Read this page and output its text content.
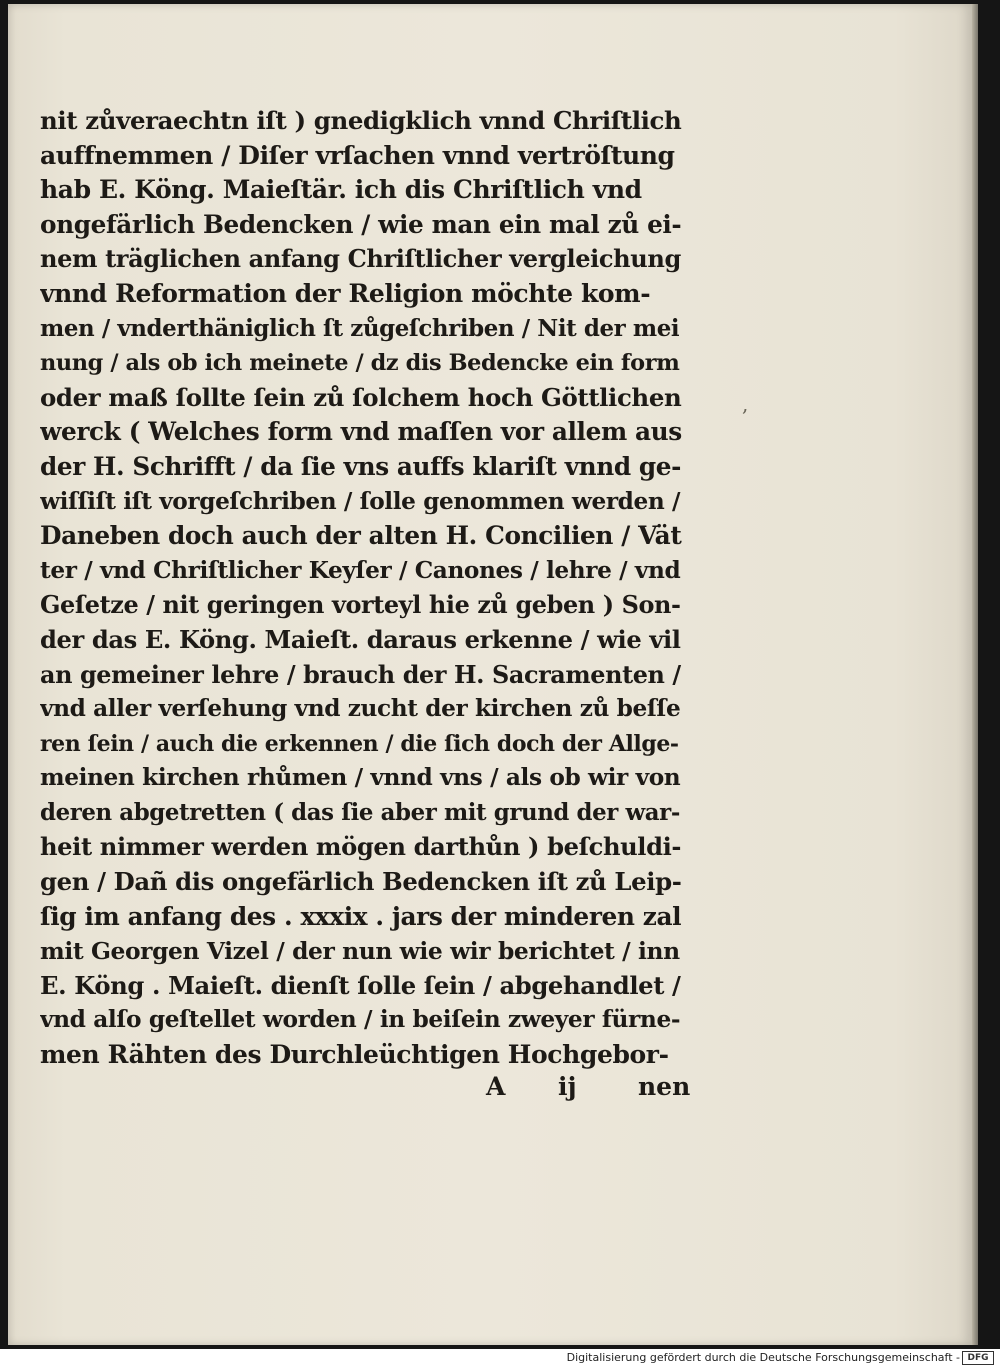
nit zůveraechtn iſt ) gnedigklich vnnd Chriſtlich
auffnemmen / Diſer vrſachen vnnd vertröſtung
hab E. Köng. Maieſtär. ich dis Chriſtlich vnd
ongefärlich Bedencken / wie man ein mal zů ei-
nem träglichen anfang Chriſtlicher vergleichung
vnnd Reformation der Religion möchte kom-
men / vnderthäniglich ſt zůgeſchriben / Nit der mei
nung / als ob ich meinete / dz dis Bedencke ein form
oder maß ſollte ſein zů ſolchem hoch Göttlichen
werck ( Welches form vnd maſſen vor allem aus
der H. Schrifft / da ſie vns auffs klariſt vnnd ge-
wiſſiſt iſt vorgeſchriben / ſolle genommen werden /
Daneben doch auch der alten H. Concilien / Vät
ter / vnd Chriſtlicher Keyſer / Canones / lehre / vnd
Geſetze / nit geringen vorteyl hie zů geben ) Son-
der das E. Köng. Maieſt. daraus erkenne / wie vil
an gemeiner lehre / brauch der H. Sacramenten /
vnd aller verſehung vnd zucht der kirchen zů beſſe
ren ſein / auch die erkennen / die ſich doch der Allge-
meinen kirchen rhůmen / vnnd vns / als ob wir von
deren abgetretten ( das ſie aber mit grund der war-
heit nimmer werden mögen darthůn ) beſchuldi-
gen / Dañ dis ongefärlich Bedencken iſt zů Leip-
ſig im anfang des . xxxix . jars der minderen zal
mit Georgen Vizel / der nun wie wir berichtet / inn
E. Köng . Maieſt. dienſt ſolle ſein / abgehandlet /
vnd alſo geſtellet worden / in beiſein zweyer fürne-
men Rähten des Durchleüchtigen Hochgebor-
,
A ij nen
Digitalisierung gefördert durch die Deutsche Forschungsgemeinschaft - DFG
